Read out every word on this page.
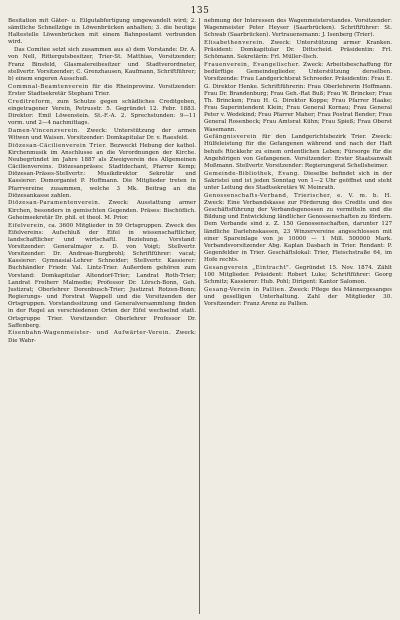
135

Besitation mit Gäter- u. Eilgutabfertigung umgewandelt wird; 2. sämtliche Schnellzüge in Löwenbrücken anhalten; 3. die heutige Haltestelle Löwenbrücken mit einem Bahnpostamt verbunden wird.

Das Comitee setzt sich zusammen aus a) dem Vorstande: Dr. A. von Nell, Rittergutsbesitzer, Trier-St. Matthias, Vorsitzender; Franz Binsfeld, Glasmalereibesitzer und Stadtverordneter, stellvertr. Vorsitzender; C. Grenzhausen, Kaufmann, Schriftführer; b) einem engeren Ausschuß.

Commnal-Beamtenverein für die Rheinprovinz. Vorsitzender: Erster Stadtsekretär Stephani Trier.

Creditreform, zum Schutze gegen schädliches Creditgeben, eingetragener Verein, Petrusstr. 5. Gegründet 12. Febr. 1883. Direktor: Emil Löwenstein. St.-F.-A. 2. Sprechstunden: 9—11 vorm. und 2—4 nachmittags.

Damen-Vincenzverein. Zweck: Unterstützung der armen Witwen und Waisen. Vorsitzender: Domkapitular Dr. v. Raesfeld.

Diözesan-Cäcilienverein Trier. Bezweckt Hebung der kathol. Kirchenmusik im Anschlusse an die Verordnungen der Kirche. Neubegründet im Jahre 1887 als Zweigverein des Allgemeinen Cäcilienvereins. Diözesanpräses: Stadtdechant, Pfarrer Kemp; Diözesan-Präses-Stellvertr.: Musikdirektor Sekretär und Kassierer: Domorganist P. Hoffmann. Die Mitglieder treten in Pfarrvereine zusammen, welche 3 Mk. Beitrag an die Diözesankasse zahlen.

Diözesan-Paramentenverein. Zweck: Ausstattung armer Kirchen, besonders in gemischten Gegenden. Präses: Bischöflich. Geheimsekretär Dr. phil. et theol. M. Prior.

Eifelverein, ca. 3600 Mitglieder in 59 Ortsgruppen. Zweck des Eifelvereins: Aufschluß der Eifel in wissenschaftlicher, landschaftlicher und wirtschaftl. Beziehung. Vorstand: Vorsitzender: Generalmajor z. D. von Voigt; Stellvertr. Vorsitzender: Dr. Andreae-Burgbrohl; Schriftführer: vacat; Kassierer: Gymnasial-Lehrer Schneider; Stellvertr. Kassierer: Buchhändler Friedr. Val. Lintz-Trier. Außerdem gehören zum Vorstand: Domkapitular Altendorf-Trier; Landrat Roth-Trier; Landrat Freiherr Malmedie; Professor Dr. Lörsch-Bonn, Geh. Justizrat; Oberlehrer Dorenbusch-Trier; Justizrat Rotzen-Bonn; Regierungs- und Forstrat Wappell und die Vorsitzenden der Ortsgruppen. Vorstandssitzung und Generalversammlung finden in der Regel an verschiedenen Orten der Eifel wechselnd statt. Ortsgruppe Trier. Vorsitzender: Oberlehrer Professor Dr. Saffenberg.

Eisenbahn-Wagenmeister- und Aufwärter-Verein. Zweck: Die Wahr-

nehmung der Interessen des Wagenmeisterstandes. Vorsitzender: Wagenmeister Peter Heyser (Saarbrücken). Schriftführer: St. Schwab (Saarbrücken). Vertrauensmann: J. Isenberg (Trier).

Elisabethenverein. Zweck: Unterstützung armer Kranken. Präsident: Domkapitular Dr. Dittscheid. Präsidentin: Frl. Schömann. Sekretärin: Frl. Müller-Ilsch.

Frauenverein, Evangelischer. Zweck: Arbeitsbeschaffung für bedürftige Gemeindeglieder, Unterstützung derselben. Vorsitzende: Frau Landgerichtsrat Schroeder. Präsidentin: Frau E. G. Direktor Henke. Schriftführerin: Frau Oberlehrerin Hoffmann. Frau Dr. Brandenburg; Frau Geh.-Rat Buß; Frau W. Brincker; Frau Th. Brincken; Frau H. G. Direktor Koppe; Frau Pfarrer Haake; Frau Superintendent Klein; Frau General Kornau; Frau General Peter v. Wedekind; Frau Pfarrer Maher; Frau Postrat Bender; Frau General Rosenbeck; Frau Amtsrat Kühn; Frau Spieß; Frau Oberst Wasemann.

Gefängnisverein für den Landgerichtsbezirk Trier. Zweck: Hülfeleistung für die Gefangenen während und nach der Haft behufs Rückkehr zu einem ordentlichen Leben; Fürsorge für die Angehörigen von Gefangenen. Vorsitzender: Erster Staatsanwalt Moßmann. Stellvertr. Vorsitzender: Regierungsrat Schellsheimer.

Gemeinde-Bibliothek, Evang. Dieselbe befindet sich in der Sakristei und ist jeden Sonntag von 1—2 Uhr geöffnet und steht unter Leitung des Stadtsekretärs W. Meinrath.

Genossenschafts-Verband, Trierischer, e. V. m. b. H. Zweck: Eine Verbandskasse zur Förderung des Credits und des Geschäftsführung der Verbandsgenossen zu vermitteln und die Bildung und Entwicklung ländlicher Genossenschaften zu fördern. Dem Verbande sind z. Z. 150 Genossenschaften, darunter 127 ländliche Darlehnskassen, 23 Winzervereine angeschlossen mit einer Spareinlage von je 10000 — 1 Mill. 500000 Mark. Verbandsvorsitzender Abg. Kaplan Dasbach in Trier. Rendant: P. Gegenfelder in Trier. Geschäftslokal: Trier, Fleischstraße 64, im Hofe rechts.

Gesangverein „Eintracht". Gegründet 15. Nov. 1874. Zählt 100 Mitglieder. Präsident: Robert Luke; Schriftführer: Georg Schmitz; Kassierer: Hub. Pohl; Dirigent: Kantor Salomon.

Gesang-Verein in Pallien. Zweck: Pflege des Männergesanges und geselligen Unterhaltung. Zahl der Mitglieder 30. Vorsitzender: Franz Arenz zu Pallien.
